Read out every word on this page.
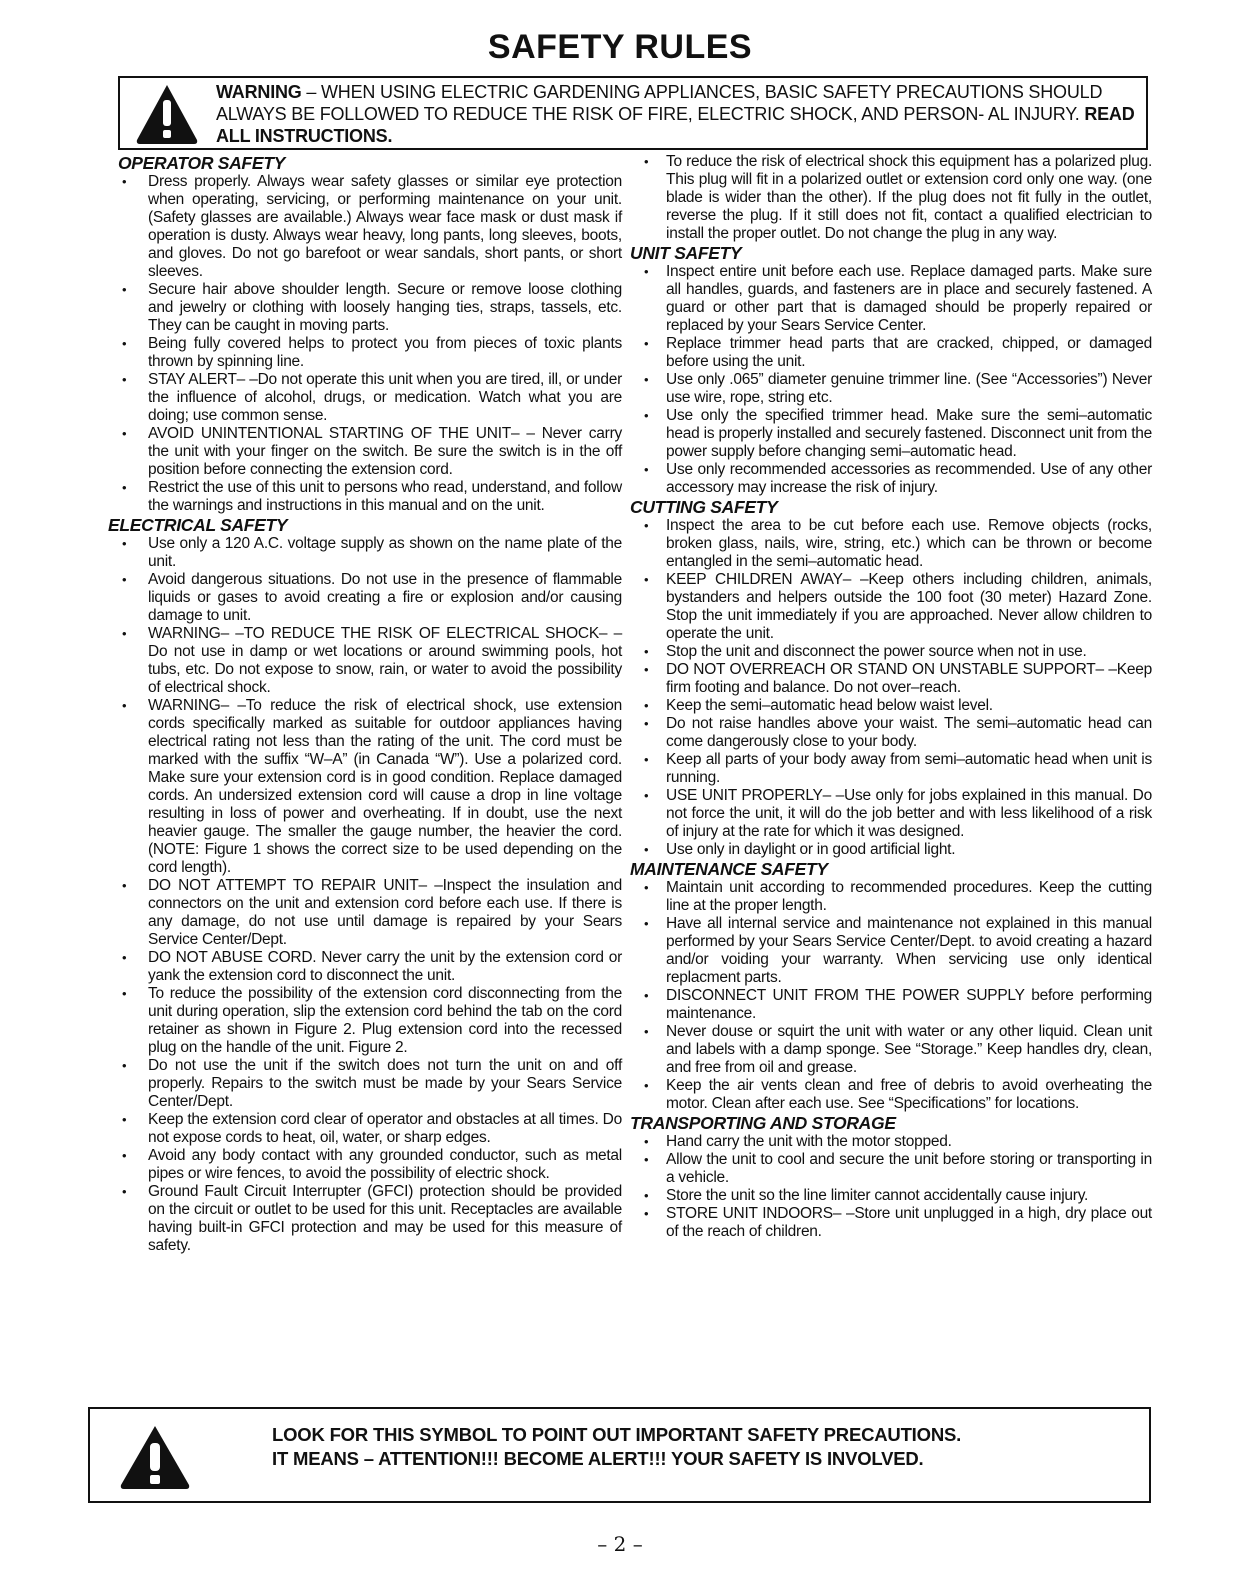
SAFETY RULES
WARNING – WHEN USING ELECTRIC GARDENING APPLIANCES, BASIC SAFETY PRECAUTIONS SHOULD ALWAYS BE FOLLOWED TO REDUCE THE RISK OF FIRE, ELECTRIC SHOCK, AND PERSON- AL INJURY. READ ALL INSTRUCTIONS.
OPERATOR SAFETY
• Dress properly. Always wear safety glasses or similar eye protection when operating, servicing, or performing maintenance on your unit. (Safety glasses are available.) Always wear face mask or dust mask if operation is dusty. Always wear heavy, long pants, long sleeves, boots, and gloves. Do not go barefoot or wear sandals, short pants, or short sleeves.
• Secure hair above shoulder length. Secure or remove loose clothing and jewelry or clothing with loosely hanging ties, straps, tassels, etc. They can be caught in moving parts.
• Being fully covered helps to protect you from pieces of toxic plants thrown by spinning line.
• STAY ALERT– –Do not operate this unit when you are tired, ill, or under the influence of alcohol, drugs, or medication. Watch what you are doing; use common sense.
• AVOID UNINTENTIONAL STARTING OF THE UNIT– – Never carry the unit with your finger on the switch. Be sure the switch is in the off position before connecting the extension cord.
• Restrict the use of this unit to persons who read, understand, and follow the warnings and instructions in this manual and on the unit.
ELECTRICAL SAFETY
• Use only a 120 A.C. voltage supply as shown on the name plate of the unit.
• Avoid dangerous situations. Do not use in the presence of flammable liquids or gases to avoid creating a fire or explosion and/or causing damage to unit.
• WARNING– –TO REDUCE THE RISK OF ELECTRICAL SHOCK– –Do not use in damp or wet locations or around swimming pools, hot tubs, etc. Do not expose to snow, rain, or water to avoid the possibility of electrical shock.
• WARNING– –To reduce the risk of electrical shock, use extension cords specifically marked as suitable for outdoor appliances having electrical rating not less than the rating of the unit. The cord must be marked with the suffix “W–A” (in Canada “W”). Use a polarized cord. Make sure your extension cord is in good condition. Replace damaged cords. An undersized extension cord will cause a drop in line voltage resulting in loss of power and overheating. If in doubt, use the next heavier gauge. The smaller the gauge number, the heavier the cord. (NOTE: Figure 1 shows the correct size to be used depending on the cord length).
• DO NOT ATTEMPT TO REPAIR UNIT– –Inspect the insulation and connectors on the unit and extension cord before each use. If there is any damage, do not use until damage is repaired by your Sears Service Center/Dept.
• DO NOT ABUSE CORD. Never carry the unit by the extension cord or yank the extension cord to disconnect the unit.
• To reduce the possibility of the extension cord disconnecting from the unit during operation, slip the extension cord behind the tab on the cord retainer as shown in Figure 2. Plug extension cord into the recessed plug on the handle of the unit. Figure 2.
• Do not use the unit if the switch does not turn the unit on and off properly. Repairs to the switch must be made by your Sears Service Center/Dept.
• Keep the extension cord clear of operator and obstacles at all times. Do not expose cords to heat, oil, water, or sharp edges.
• Avoid any body contact with any grounded conductor, such as metal pipes or wire fences, to avoid the possibility of electric shock.
• Ground Fault Circuit Interrupter (GFCI) protection should be provided on the circuit or outlet to be used for this unit. Receptacles are available having built-in GFCI protection and may be used for this measure of safety.
• To reduce the risk of electrical shock this equipment has a polarized plug. This plug will fit in a polarized outlet or extension cord only one way. (one blade is wider than the other). If the plug does not fit fully in the outlet, reverse the plug. If it still does not fit, contact a qualified electrician to install the proper outlet. Do not change the plug in any way.
UNIT SAFETY
• Inspect entire unit before each use. Replace damaged parts. Make sure all handles, guards, and fasteners are in place and securely fastened. A guard or other part that is damaged should be properly repaired or replaced by your Sears Service Center.
• Replace trimmer head parts that are cracked, chipped, or damaged before using the unit.
• Use only .065” diameter genuine trimmer line. (See “Accessories”) Never use wire, rope, string etc.
• Use only the specified trimmer head. Make sure the semi–automatic head is properly installed and securely fastened. Disconnect unit from the power supply before changing semi–automatic head.
• Use only recommended accessories as recommended. Use of any other accessory may increase the risk of injury.
CUTTING SAFETY
• Inspect the area to be cut before each use. Remove objects (rocks, broken glass, nails, wire, string, etc.) which can be thrown or become entangled in the semi–automatic head.
• KEEP CHILDREN AWAY– –Keep others including children, animals, bystanders and helpers outside the 100 foot (30 meter) Hazard Zone. Stop the unit immediately if you are approached. Never allow children to operate the unit.
• Stop the unit and disconnect the power source when not in use.
• DO NOT OVERREACH OR STAND ON UNSTABLE SUPPORT– –Keep firm footing and balance. Do not over–reach.
• Keep the semi–automatic head below waist level.
• Do not raise handles above your waist. The semi–automatic head can come dangerously close to your body.
• Keep all parts of your body away from semi–automatic head when unit is running.
• USE UNIT PROPERLY– –Use only for jobs explained in this manual. Do not force the unit, it will do the job better and with less likelihood of a risk of injury at the rate for which it was designed.
• Use only in daylight or in good artificial light.
MAINTENANCE SAFETY
• Maintain unit according to recommended procedures. Keep the cutting line at the proper length.
• Have all internal service and maintenance not explained in this manual performed by your Sears Service Center/Dept. to avoid creating a hazard and/or voiding your warranty. When servicing use only identical replacment parts.
• DISCONNECT UNIT FROM THE POWER SUPPLY before performing maintenance.
• Never douse or squirt the unit with water or any other liquid. Clean unit and labels with a damp sponge. See “Storage.” Keep handles dry, clean, and free from oil and grease.
• Keep the air vents clean and free of debris to avoid overheating the motor. Clean after each use. See “Specifications” for locations.
TRANSPORTING AND STORAGE
• Hand carry the unit with the motor stopped.
• Allow the unit to cool and secure the unit before storing or transporting in a vehicle.
• Store the unit so the line limiter cannot accidentally cause injury.
• STORE UNIT INDOORS– –Store unit unplugged in a high, dry place out of the reach of children.
LOOK FOR THIS SYMBOL TO POINT OUT IMPORTANT SAFETY PRECAUTIONS.
IT MEANS – ATTENTION!!! BECOME ALERT!!! YOUR SAFETY IS INVOLVED.
– 2 –
